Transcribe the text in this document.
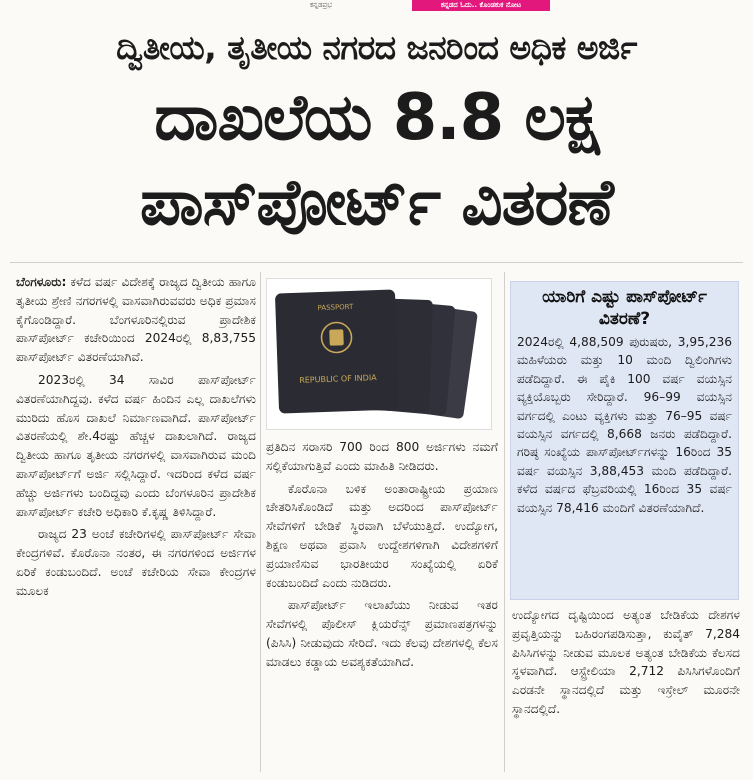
ಕನ್ನಡಪ್ರಭ	ಕನ್ನಡದ ಓದು.. ಕೊಂಡಕುಕ ನೋಟ
ದ್ವಿತೀಯ, ತೃತೀಯ ನಗರದ ಜನರಿಂದ ಅಧಿಕ ಅರ್ಜಿ
ದಾಖಲೆಯ 8.8 ಲಕ್ಷ
ಪಾಸ್‌ಪೋರ್ಟ್ ವಿತರಣೆ

ಬೆಂಗಳೂರು: ಕಳೆದ ವರ್ಷ ವಿದೇಶಕ್ಕೆ ರಾಜ್ಯದ ದ್ವಿತೀಯ ಹಾಗೂ ತೃತೀಯ ಶ್ರೇಣಿ ನಗರಗಳಲ್ಲಿ ವಾಸವಾಗಿರುವವರು ಅಧಿಕ ಪ್ರಮಾಸ ಕೈಗೊಂಡಿದ್ದಾರೆ. ಬೆಂಗಳೂರಿನಲ್ಲಿರುವ ಪ್ರಾದೇಶಿಕ ಪಾಸ್‌ಪೋರ್ಟ್ ಕಚೇರಿಯಿಂದ 2024ರಲ್ಲಿ 8,83,755 ಪಾಸ್‌ಪೋರ್ಟ್ ವಿತರಣೆಯಾಗಿವೆ.

2023ರಲ್ಲಿ 34 ಸಾವಿರ ಪಾಸ್‌ಪೋರ್ಟ್ ವಿತರಣೆಯಾಗಿದ್ದವು. ಕಳೆದ ವರ್ಷ ಹಿಂದಿನ ಎಲ್ಲ ದಾಖಲೆಗಳು ಮುರಿದು ಹೊಸ ದಾಖಲೆ ನಿರ್ಮಾಣವಾಗಿದೆ. ಪಾಸ್‌ಪೋರ್ಟ್ ವಿತರಣೆಯಲ್ಲಿ ಶೇ.4ರಷ್ಟು ಹೆಚ್ಚಳ ದಾಖಲಾಗಿದೆ. ರಾಜ್ಯದ ದ್ವಿತೀಯ ಹಾಗೂ ತೃತೀಯ ನಗರಗಳಲ್ಲಿ ವಾಸವಾಗಿರುವ ಮಂದಿ ಪಾಸ್‌ಪೋರ್ಟ್‌ಗೆ ಅರ್ಜಿ ಸಲ್ಲಿಸಿದ್ದಾರೆ. ಇದರಿಂದ ಕಳೆದ ವರ್ಷ ಹೆಚ್ಚು ಅರ್ಜಿಗಳು ಬಂದಿದ್ದವು ಎಂದು ಬೆಂಗಳೂರಿನ ಪ್ರಾದೇಶಿಕ ಪಾಸ್‌ಪೋರ್ಟ್ ಕಚೇರಿ ಅಧಿಕಾರಿ ಕೆ.ಕೃಷ್ಣ ತಿಳಿಸಿದ್ದಾರೆ.

ರಾಜ್ಯದ 23 ಅಂಚೆ ಕಚೇರಿಗಳಲ್ಲಿ ಪಾಸ್‌ಪೋರ್ಟ್ ಸೇವಾ ಕೇಂದ್ರಗಳಿವೆ. ಕೊರೊನಾ ನಂತರ, ಈ ನಗರಗಳಿಂದ ಅರ್ಜಿಗಳ ಏರಿಕೆ ಕಂಡುಬಂದಿದೆ. ಅಂಚೆ ಕಚೇರಿಯ ಸೇವಾ ಕೇಂದ್ರಗಳ ಮೂಲಕ

PASSPORT
REPUBLIC OF INDIA

ಪ್ರತಿದಿನ ಸರಾಸರಿ 700 ರಿಂದ 800 ಅರ್ಜಿಗಳು ನಮಗೆ ಸಲ್ಲಿಕೆಯಾಗುತ್ತಿವೆ ಎಂದು ಮಾಹಿತಿ ನೀಡಿದರು.

ಕೊರೊನಾ ಬಳಿಕ ಅಂತಾರಾಷ್ಟ್ರೀಯ ಪ್ರಯಾಣ ಚೇತರಿಸಿಕೊಂಡಿದೆ ಮತ್ತು ಅದರಿಂದ ಪಾಸ್‌ಪೋರ್ಟ್ ಸೇವೆಗಳಿಗೆ ಬೇಡಿಕೆ ಸ್ಥಿರವಾಗಿ ಬೆಳೆಯುತ್ತಿದೆ. ಉದ್ಯೋಗ, ಶಿಕ್ಷಣ ಅಥವಾ ಪ್ರವಾಸಿ ಉದ್ದೇಶಗಳಿಗಾಗಿ ವಿದೇಶಗಳಿಗೆ ಪ್ರಯಾಣಿಸುವ ಭಾರತೀಯರ ಸಂಖ್ಯೆಯಲ್ಲಿ ಏರಿಕೆ ಕಂಡುಬಂದಿದೆ ಎಂದು ನುಡಿದರು.

ಪಾಸ್‌ಪೋರ್ಟ್ ಇಲಾಖೆಯು ನೀಡುವ ಇತರ ಸೇವೆಗಳಲ್ಲಿ ಪೊಲೀಸ್ ಕ್ಲಿಯರೆನ್ಸ್ ಪ್ರಮಾಣಪತ್ರಗಳನ್ನು (ಪಿಸಿಸಿ) ನೀಡುವುದು ಸೇರಿದೆ. ಇದು ಕೆಲವು ದೇಶಗಳಲ್ಲಿ ಕೆಲಸ ಮಾಡಲು ಕಡ್ಡಾಯ ಅವಶ್ಯಕತೆಯಾಗಿದೆ.

ಯಾರಿಗೆ ಎಷ್ಟು ಪಾಸ್‌ಪೋರ್ಟ್ ವಿತರಣೆ?
2024ರಲ್ಲಿ 4,88,509 ಪುರುಷರು, 3,95,236 ಮಹಿಳೆಯರು ಮತ್ತು 10 ಮಂದಿ ದ್ವಿಲಿಂಗಿಗಳು ಪಡೆದಿದ್ದಾರೆ. ಈ ಪೈಕಿ 100 ವರ್ಷ ವಯಸ್ಸಿನ ವ್ಯಕ್ತಿಯೊಬ್ಬರು ಸೇರಿದ್ದಾರೆ. 96–99 ವಯಸ್ಸಿನ ವರ್ಗದಲ್ಲಿ ಎಂಟು ವ್ಯಕ್ತಿಗಳು ಮತ್ತು 76–95 ವರ್ಷ ವಯಸ್ಸಿನ ವರ್ಗದಲ್ಲಿ 8,668 ಜನರು ಪಡೆದಿದ್ದಾರೆ. ಗರಿಷ್ಠ ಸಂಖ್ಯೆಯ ಪಾಸ್‌ಪೋರ್ಟ್‌ಗಳನ್ನು 16ರಿಂದ 35 ವರ್ಷ ವಯಸ್ಸಿನ 3,88,453 ಮಂದಿ ಪಡೆದಿದ್ದಾರೆ. ಕಳೆದ ವರ್ಷದ ಫೆಬ್ರವರಿಯಲ್ಲಿ 16ರಿಂದ 35 ವರ್ಷ ವಯಸ್ಸಿನ 78,416 ಮಂದಿಗೆ ವಿತರಣೆಯಾಗಿದೆ.

ಉದ್ಯೋಗದ ದೃಷ್ಟಿಯಿಂದ ಅತ್ಯಂತ ಬೇಡಿಕೆಯ ದೇಶಗಳ ಪ್ರವೃತ್ತಿಯನ್ನು ಬಹಿರಂಗಪಡಿಸುತ್ತಾ, ಕುವೈತ್ 7,284 ಪಿಸಿಸಿಗಳನ್ನು ನೀಡುವ ಮೂಲಕ ಅತ್ಯಂತ ಬೇಡಿಕೆಯ ಕೆಲಸದ ಸ್ಥಳವಾಗಿದೆ. ಆಸ್ಟ್ರೇಲಿಯಾ 2,712 ಪಿಸಿಸಿಗಳೊಂದಿಗೆ ಎರಡನೇ ಸ್ಥಾನದಲ್ಲಿದೆ ಮತ್ತು ಇಸ್ರೇಲ್ ಮೂರನೇ ಸ್ಥಾನದಲ್ಲಿದೆ.
